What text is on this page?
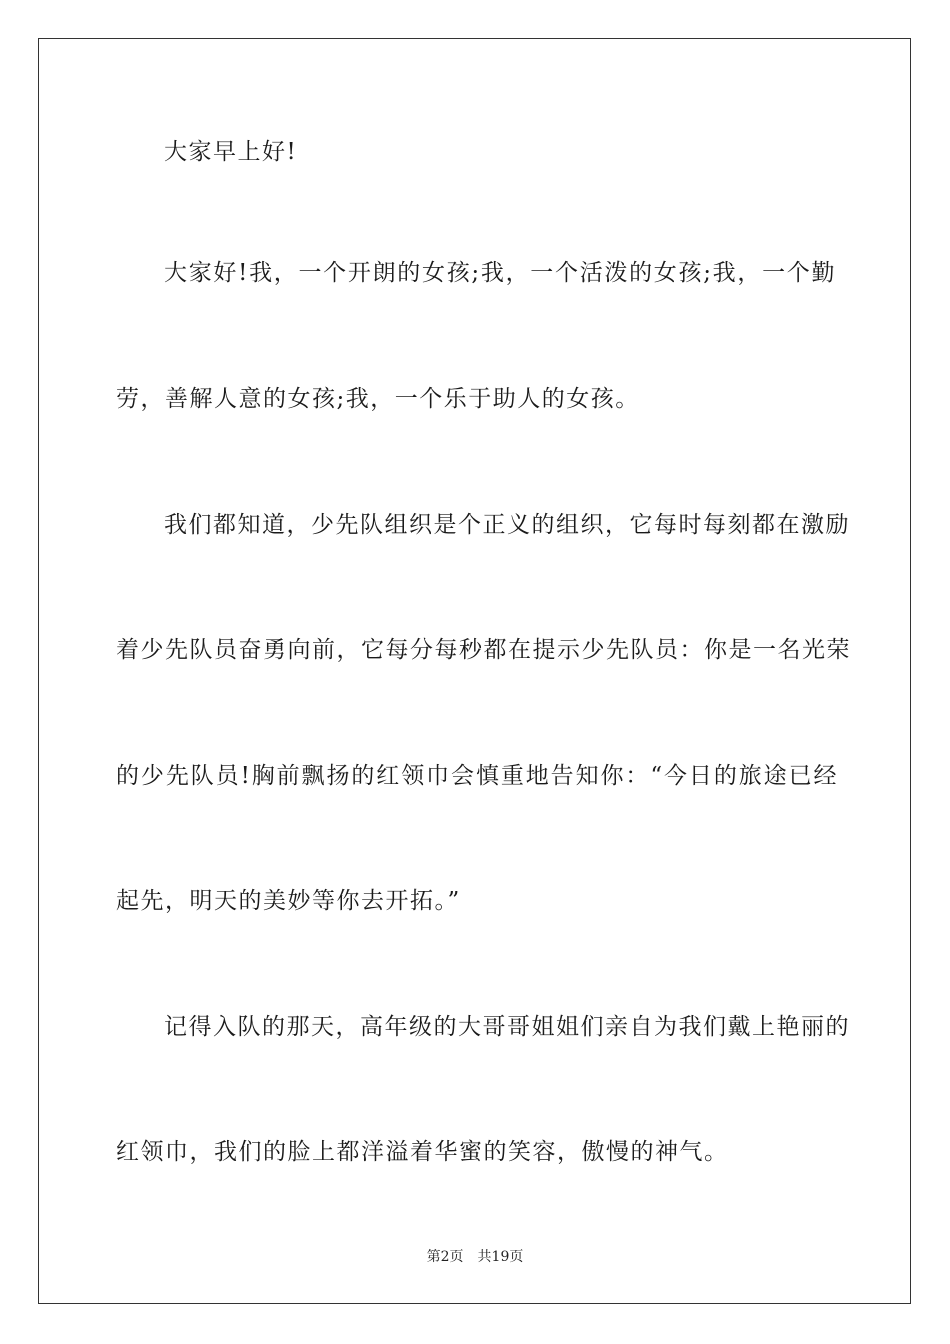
大家早上好!
大家好!我，一个开朗的女孩;我，一个活泼的女孩;我，一个勤
劳，善解人意的女孩;我，一个乐于助人的女孩。
我们都知道，少先队组织是个正义的组织，它每时每刻都在激励
着少先队员奋勇向前，它每分每秒都在提示少先队员：你是一名光荣
的少先队员!胸前飘扬的红领巾会慎重地告知你：“今日的旅途已经
起先，明天的美妙等你去开拓。”
记得入队的那天，高年级的大哥哥姐姐们亲自为我们戴上艳丽的
红领巾，我们的脸上都洋溢着华蜜的笑容，傲慢的神气。
第2页 共19页
